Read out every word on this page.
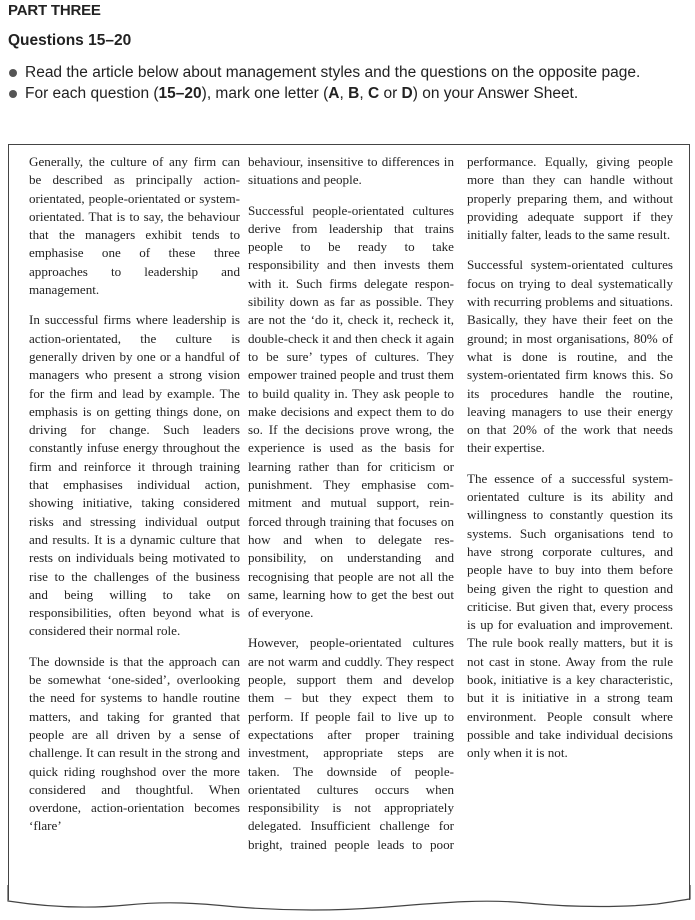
PART THREE
Questions 15–20
Read the article below about management styles and the questions on the opposite page.
For each question (15–20), mark one letter (A, B, C or D) on your Answer Sheet.

Generally, the culture of any firm can be described as principally action-orientated, people-orientated or system-orientated. That is to say, the behaviour that the managers exhibit tends to emphasise one of these three approaches to leadership and management.

In successful firms where leadership is action-orientated, the culture is generally driven by one or a handful of managers who present a strong vision for the firm and lead by example. The emphasis is on getting things done, on driving for change. Such leaders constantly infuse energy throughout the firm and reinforce it through training that emphasises individual action, showing initiative, taking considered risks and stressing individual output and results. It is a dynamic culture that rests on individuals being motivated to rise to the challenges of the business and being willing to take on responsibilities, often beyond what is considered their normal role.

The downside is that the approach can be somewhat ‘one-sided’, overlooking the need for systems to handle routine matters, and taking for granted that people are all driven by a sense of challenge. It can result in the strong and quick riding roughshod over the more considered and thoughtful. When overdone, action-orientation becomes ‘flare’

behaviour, insensitive to differences in situations and people.

Successful people-orientated cultures derive from leadership that trains people to be ready to take responsibility and then invests them with it. Such firms delegate responsibility down as far as possible. They are not the ‘do it, check it, recheck it, double-check it and then check it again to be sure’ types of cultures. They empower trained people and trust them to build quality in. They ask people to make decisions and expect them to do so. If the decisions prove wrong, the experience is used as the basis for learning rather than for criticism or punishment. They emphasise commitment and mutual support, reinforced through training that focuses on how and when to delegate responsibility, on understanding and recognising that people are not all the same, learning how to get the best out of everyone.

However, people-orientated cultures are not warm and cuddly. They respect people, support them and develop them – but they expect them to perform. If people fail to live up to expectations after proper training investment, appropriate steps are taken. The downside of people-orientated cultures occurs when responsibility is not appropriately delegated. Insufficient challenge for bright, trained people leads to poor

performance. Equally, giving people more than they can handle without properly preparing them, and without providing adequate support if they initially falter, leads to the same result.

Successful system-orientated cultures focus on trying to deal systematically with recurring problems and situations. Basically, they have their feet on the ground; in most organisations, 80% of what is done is routine, and the system-orientated firm knows this. So its procedures handle the routine, leaving managers to use their energy on that 20% of the work that needs their expertise.

The essence of a successful system-orientated culture is its ability and willingness to constantly question its systems. Such organisations tend to have strong corporate cultures, and people have to buy into them before being given the right to question and criticise. But given that, every process is up for evaluation and improvement. The rule book really matters, but it is not cast in stone. Away from the rule book, initiative is a key characteristic, but it is initiative in a strong team environment. People consult where possible and take individual decisions only when it is not.
